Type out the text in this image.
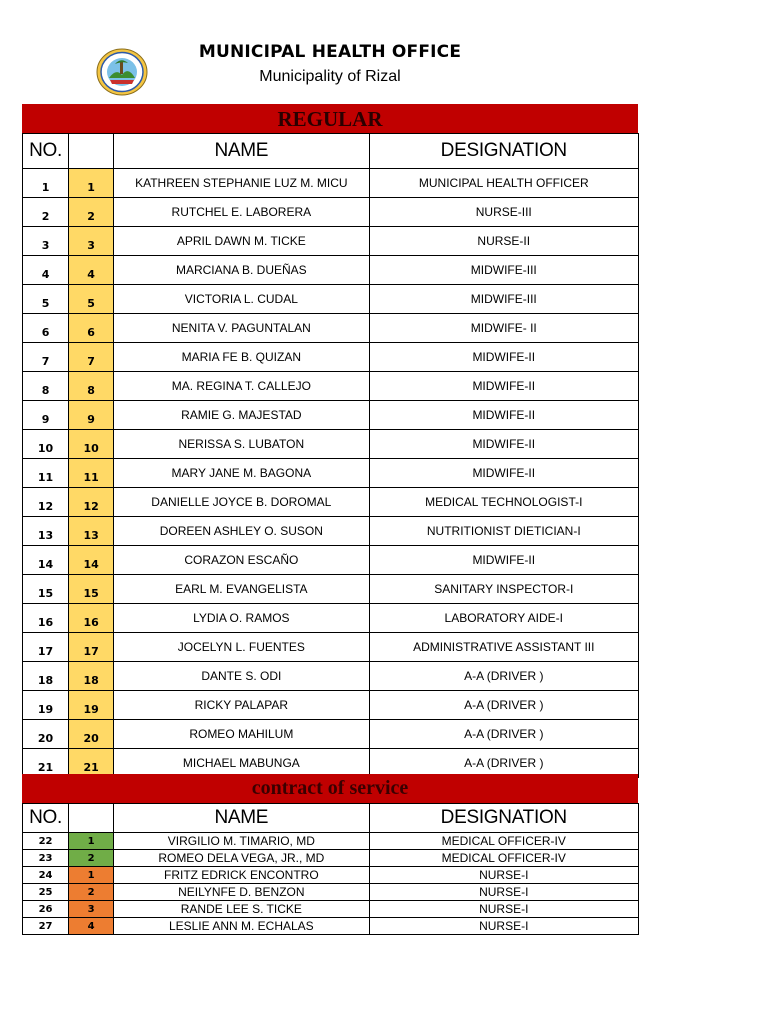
MUNICIPAL HEALTH OFFICE
Municipality of Rizal
REGULAR
NO.		NAME	DESIGNATION
1	1	KATHREEN STEPHANIE LUZ M. MICU	MUNICIPAL HEALTH OFFICER
2	2	RUTCHEL E. LABORERA	NURSE-III
3	3	APRIL DAWN M. TICKE	NURSE-II
4	4	MARCIANA B. DUEÑAS	MIDWIFE-III
5	5	VICTORIA L. CUDAL	MIDWIFE-III
6	6	NENITA V. PAGUNTALAN	MIDWIFE- II
7	7	MARIA FE B. QUIZAN	MIDWIFE-II
8	8	MA. REGINA T. CALLEJO	MIDWIFE-II
9	9	RAMIE G. MAJESTAD	MIDWIFE-II
10	10	NERISSA S. LUBATON	MIDWIFE-II
11	11	MARY JANE M. BAGONA	MIDWIFE-II
12	12	DANIELLE JOYCE B. DOROMAL	MEDICAL TECHNOLOGIST-I
13	13	DOREEN ASHLEY O. SUSON	NUTRITIONIST DIETICIAN-I
14	14	CORAZON ESCAÑO	MIDWIFE-II
15	15	EARL M. EVANGELISTA	SANITARY INSPECTOR-I
16	16	LYDIA O. RAMOS	LABORATORY AIDE-I
17	17	JOCELYN L. FUENTES	ADMINISTRATIVE ASSISTANT III
18	18	DANTE S. ODI	A-A (DRIVER )
19	19	RICKY PALAPAR	A-A (DRIVER )
20	20	ROMEO MAHILUM	A-A (DRIVER )
21	21	MICHAEL MABUNGA	A-A (DRIVER )
contract of service
NO.		NAME	DESIGNATION
22	1	VIRGILIO M. TIMARIO, MD	MEDICAL OFFICER-IV
23	2	ROMEO DELA VEGA, JR., MD	MEDICAL OFFICER-IV
24	1	FRITZ EDRICK ENCONTRO	NURSE-I
25	2	NEILYNFE D. BENZON	NURSE-I
26	3	RANDE LEE S. TICKE	NURSE-I
27	4	LESLIE ANN M. ECHALAS	NURSE-I
